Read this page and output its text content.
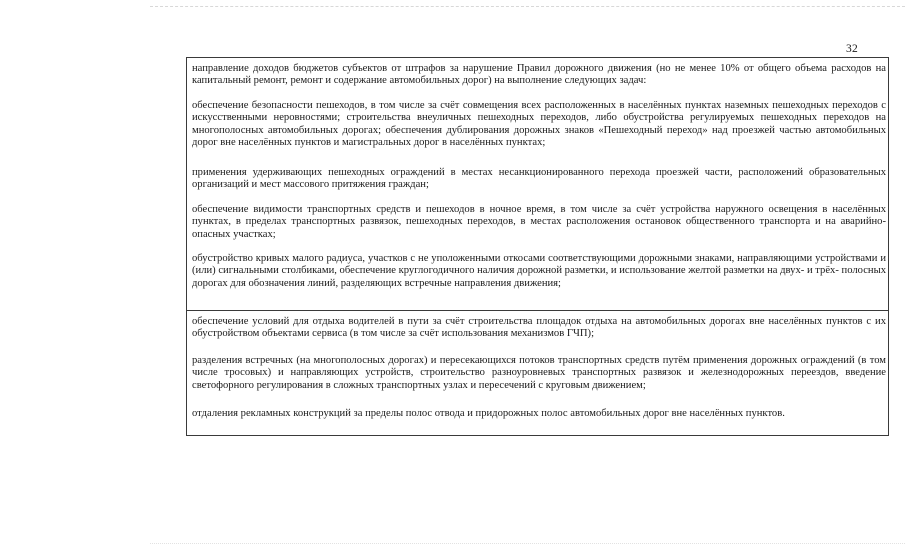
32

направление доходов бюджетов субъектов от штрафов за нарушение Правил дорожного движения (но не менее 10% от общего объема расходов на капитальный ремонт, ремонт и содержание автомобильных дорог) на выполнение следующих задач:

обеспечение безопасности пешеходов, в том числе за счёт совмещения всех расположенных в населённых пунктах наземных пешеходных переходов с искусственными неровностями; строительства внеуличных пешеходных переходов, либо обустройства регулируемых пешеходных переходов на многополосных автомобильных дорогах; обеспечения дублирования дорожных знаков «Пешеходный переход» над проезжей частью автомобильных дорог вне населённых пунктов и магистральных дорог в населённых пунктах;

применения удерживающих пешеходных ограждений в местах несанкционированного перехода проезжей части, расположений образовательных организаций и мест массового притяжения граждан;

обеспечение видимости транспортных средств и пешеходов в ночное время, в том числе за счёт устройства наружного освещения в населённых пунктах, в пределах транспортных развязок, пешеходных переходов, в местах расположения остановок общественного транспорта и на аварийно-опасных участках;

обустройство кривых малого радиуса, участков с не уположенными откосами соответствующими дорожными знаками, направляющими устройствами и (или) сигнальными столбиками, обеспечение круглогодичного наличия дорожной разметки, и использование желтой разметки на двух- и трёх- полосных дорогах для обозначения линий, разделяющих встречные направления движения;

обеспечение условий для отдыха водителей в пути за счёт строительства площадок отдыха на автомобильных дорогах вне населённых пунктов с их обустройством объектами сервиса (в том числе за счёт использования механизмов ГЧП);

разделения встречных (на многополосных дорогах) и пересекающихся потоков транспортных средств путём применения дорожных ограждений (в том числе тросовых) и направляющих устройств, строительство разноуровневых транспортных развязок и железнодорожных переездов, введение светофорного регулирования в сложных транспортных узлах и пересечений с круговым движением;

отдаления рекламных конструкций за пределы полос отвода и придорожных полос автомобильных дорог вне населённых пунктов.
